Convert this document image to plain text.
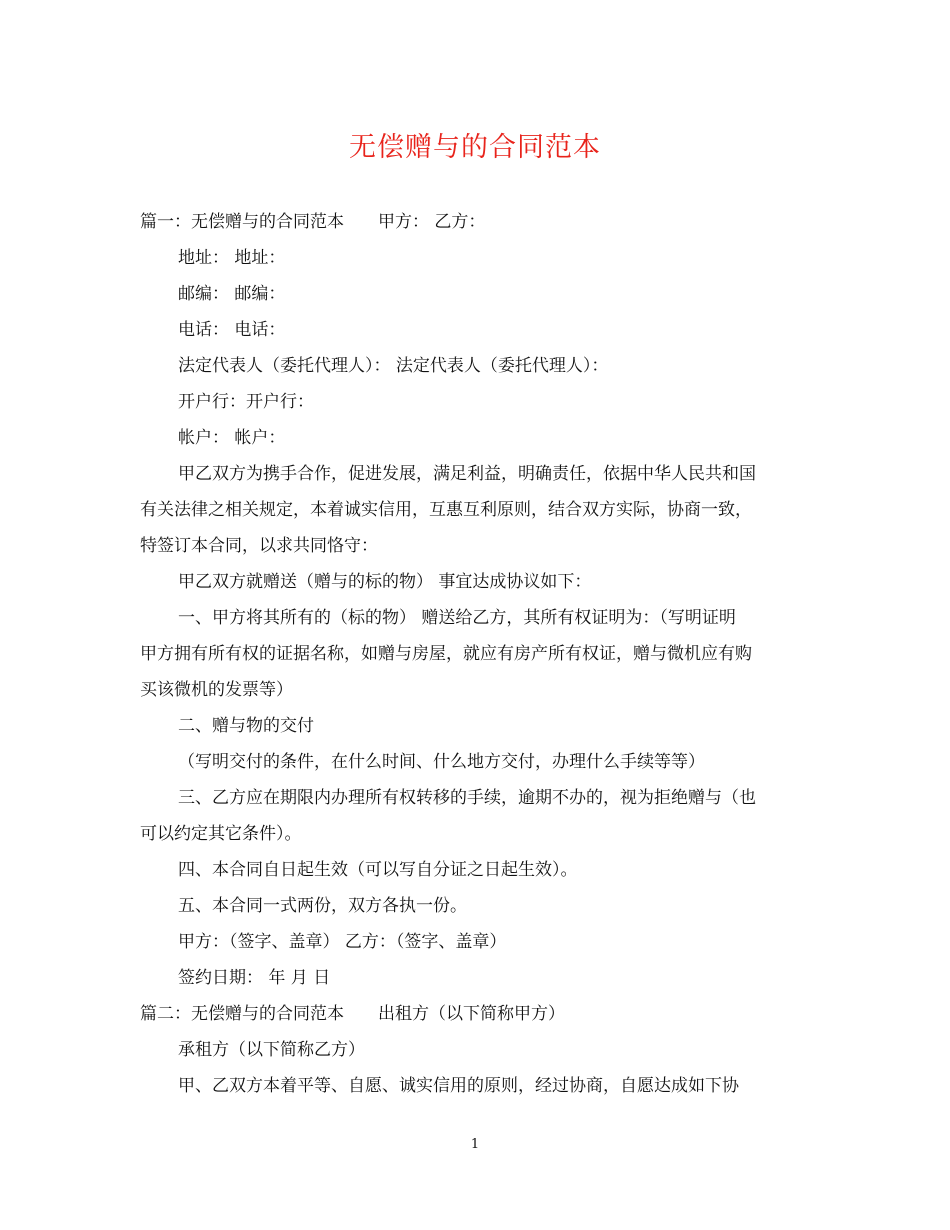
无偿赠与的合同范本
篇一：无偿赠与的合同范本　　甲方： 乙方：
地址： 地址：
邮编： 邮编：
电话： 电话：
法定代表人（委托代理人）： 法定代表人（委托代理人）：
开户行：开户行：
帐户： 帐户：
甲乙双方为携手合作，促进发展，满足利益，明确责任，依据中华人民共和国
有关法律之相关规定，本着诚实信用，互惠互利原则，结合双方实际，协商一致，
特签订本合同，以求共同恪守：
甲乙双方就赠送（赠与的标的物） 事宜达成协议如下：
一、甲方将其所有的（标的物） 赠送给乙方，其所有权证明为：（写明证明
甲方拥有所有权的证据名称，如赠与房屋，就应有房产所有权证，赠与微机应有购
买该微机的发票等）
二、赠与物的交付
（写明交付的条件，在什么时间、什么地方交付，办理什么手续等等）
三、乙方应在期限内办理所有权转移的手续，逾期不办的，视为拒绝赠与（也
可以约定其它条件）。
四、本合同自日起生效（可以写自分证之日起生效）。
五、本合同一式两份，双方各执一份。
甲方：（签字、盖章） 乙方：（签字、盖章）
签约日期： 年 月 日
篇二：无偿赠与的合同范本　　出租方（以下简称甲方）
承租方（以下简称乙方）
甲、乙双方本着平等、自愿、诚实信用的原则，经过协商，自愿达成如下协
1
